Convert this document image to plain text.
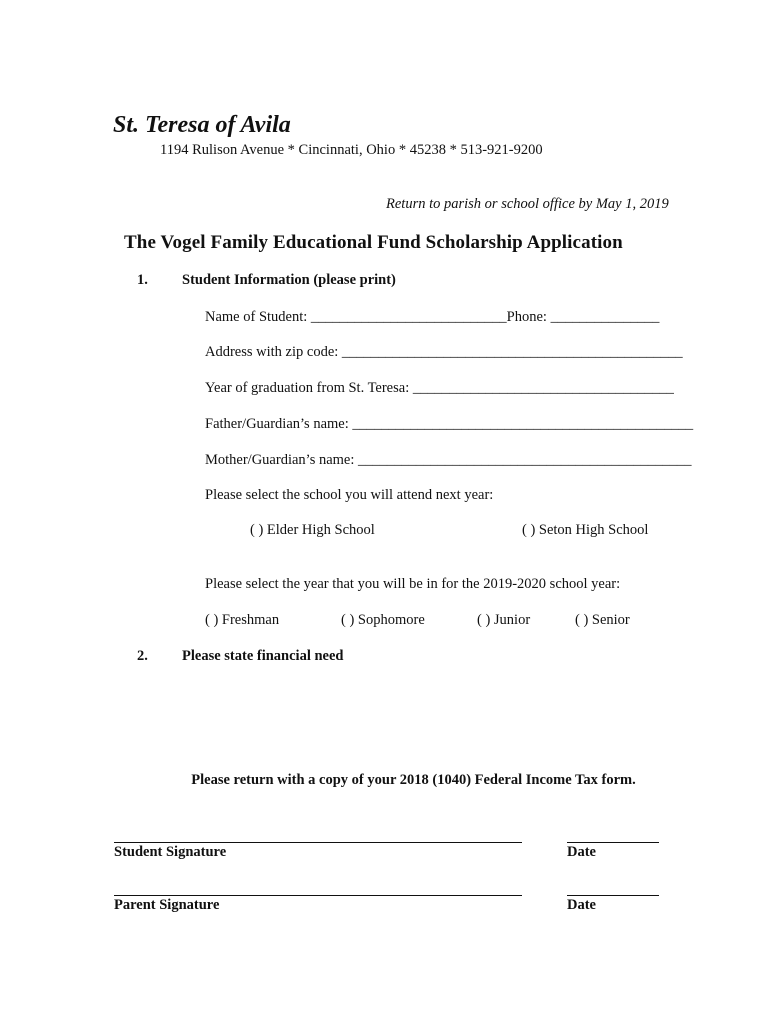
St. Teresa of Avila
1194 Rulison Avenue * Cincinnati, Ohio * 45238 * 513-921-9200
Return to parish or school office by May 1, 2019
The Vogel Family Educational Fund Scholarship Application
1. Student Information (please print)
Name of Student: ___________________________Phone: _______________
Address with zip code: _______________________________________________
Year of graduation from St. Teresa: ____________________________________
Father/Guardian’s name: _______________________________________________
Mother/Guardian’s name: ______________________________________________
Please select the school you will attend next year:
( ) Elder High School	( ) Seton High School
Please select the year that you will be in for the 2019-2020 school year:
( ) Freshman	( ) Sophomore	( ) Junior	( ) Senior
2. Please state financial need
Please return with a copy of your 2018 (1040) Federal Income Tax form.
Student Signature	Date
Parent Signature	Date
